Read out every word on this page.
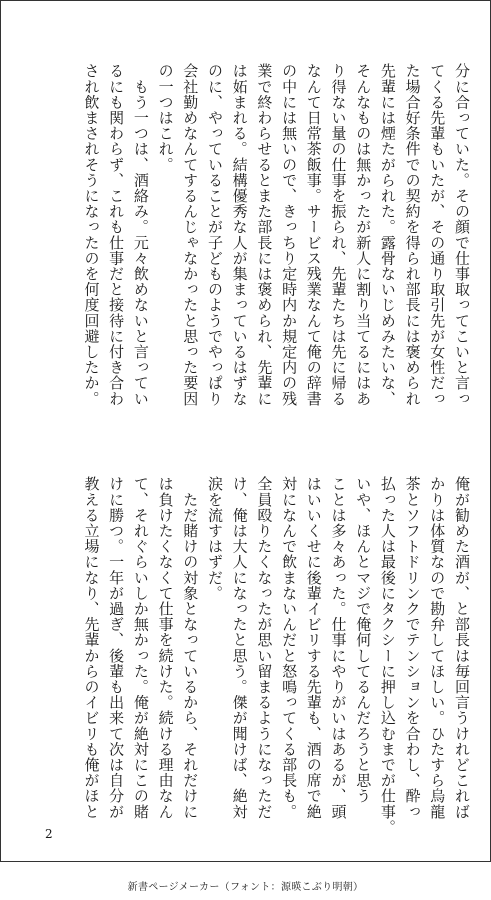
分に合っていた。その顔で仕事取ってこいと言っ
てくる先輩もいたが、その通り取引先が女性だっ
た場合好条件での契約を得られ部長には褒められ
先輩には煙たがられた。露骨ないじめみたいな、
そんなものは無かったが新人に割り当てるにはあ
り得ない量の仕事を振られ、先輩たちは先に帰る
なんて日常茶飯事。サービス残業なんて俺の辞書
の中には無いので、きっちり定時内か規定内の残
業で終わらせるとまた部長には褒められ、先輩に
は妬まれる。結構優秀な人が集まっているはずな
のに、やっていることが子どものようでやっぱり
会社勤めなんてするんじゃなかったと思った要因
の一つはこれ。
　もう一つは、酒絡み。元々飲めないと言ってい
るにも関わらず、これも仕事だと接待に付き合わ
され飲まされそうになったのを何度回避したか。
俺が勧めた酒が、と部長は毎回言うけれどこれば
かりは体質なので勘弁してほしい。ひたすら烏龍
茶とソフトドリンクでテンションを合わし、酔っ
払った人は最後にタクシーに押し込むまでが仕事。
いや、ほんとマジで俺何してるんだろうと思う
ことは多々あった。仕事にやりがいはあるが、頭
はいいくせに後輩イビリする先輩も、酒の席で絶
対になんで飲まないんだと怒鳴ってくる部長も。
全員殴りたくなったが思い留まるようになっただ
け、俺は大人になったと思う。傑が聞けば、絶対
涙を流すはずだ。
　ただ賭けの対象となっているから、それだけに
は負けたくなくて仕事を続けた。続ける理由なん
て、それぐらいしか無かった。俺が絶対にこの賭
けに勝つ。一年が過ぎ、後輩も出来て次は自分が
教える立場になり、先輩からのイビリも俺がほと
2
新書ページメーカー（フォント：源暎こぶり明朝）
